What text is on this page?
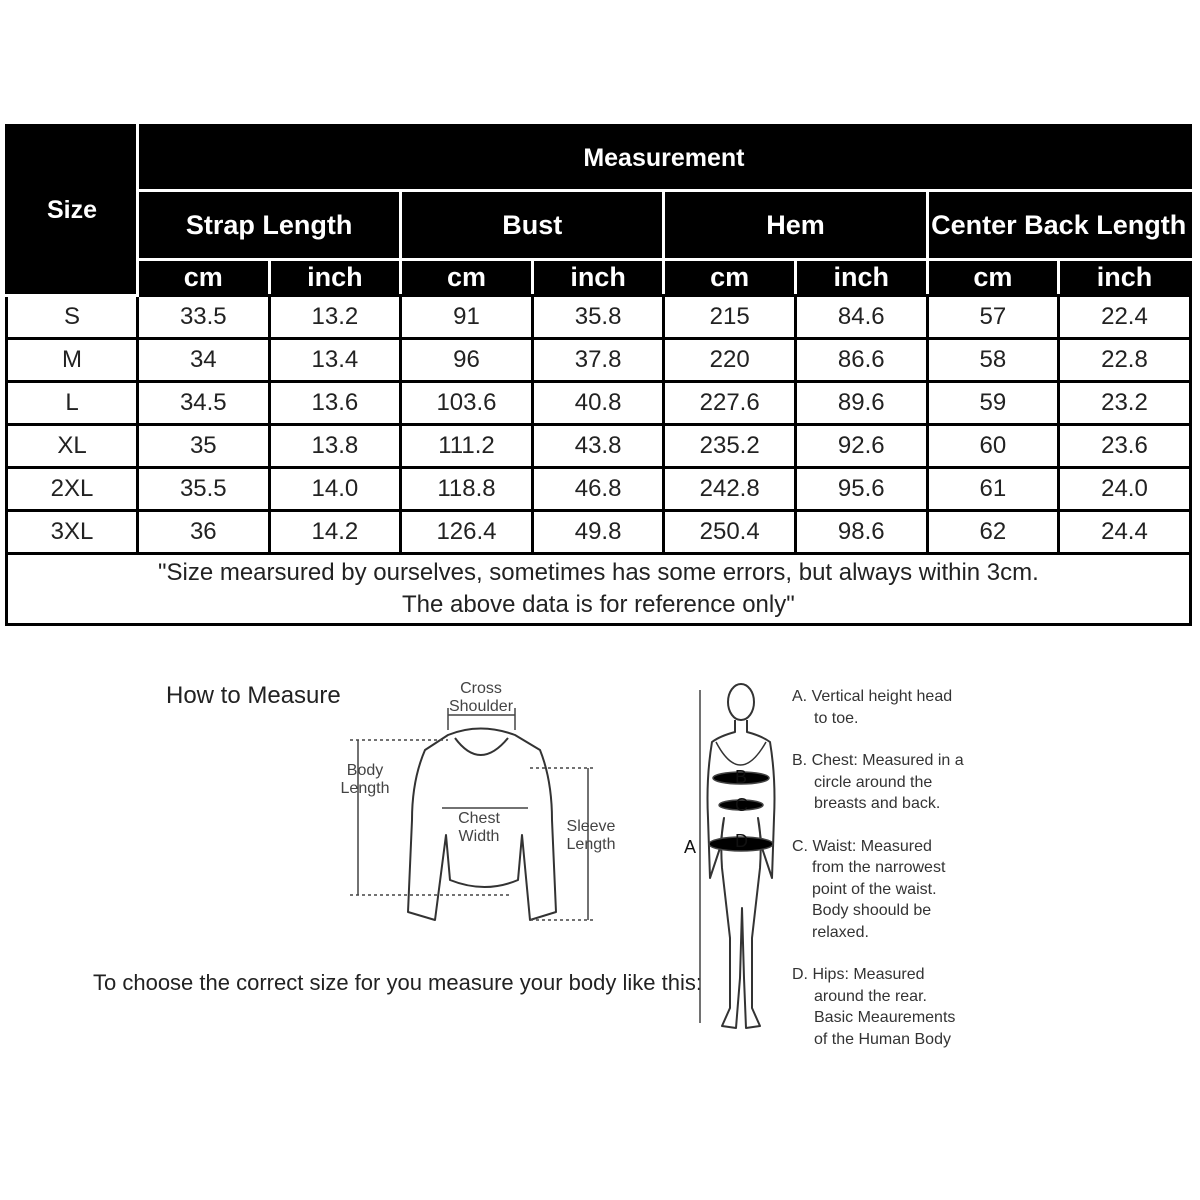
Size	Measurement							
	Strap Length		Bust		Hem		Center Back Length	
	cm	inch	cm	inch	cm	inch	cm	inch
S	33.5	13.2	91	35.8	215	84.6	57	22.4
M	34	13.4	96	37.8	220	86.6	58	22.8
L	34.5	13.6	103.6	40.8	227.6	89.6	59	23.2
XL	35	13.8	111.2	43.8	235.2	92.6	60	23.6
2XL	35.5	14.0	118.8	46.8	242.8	95.6	61	24.0
3XL	36	14.2	126.4	49.8	250.4	98.6	62	24.4

"Size mearsured by ourselves, sometimes has some errors, but always within 3cm.
The above data is for reference only"								
How to Measure
To choose the correct size for you measure your body like this:
Cross
Shoulder
Body
Length
Chest
Width
Sleeve
Length	A
B
C
D
A. Vertical height head
to toe.
B. Chest: Measured in a
circle around the
breasts and back.
C. Waist: Measured
from the narrowest
point of the waist.
Body shoould be
relaxed.
D. Hips: Measured
around the rear.
Basic Meaurements
of the Human Body
